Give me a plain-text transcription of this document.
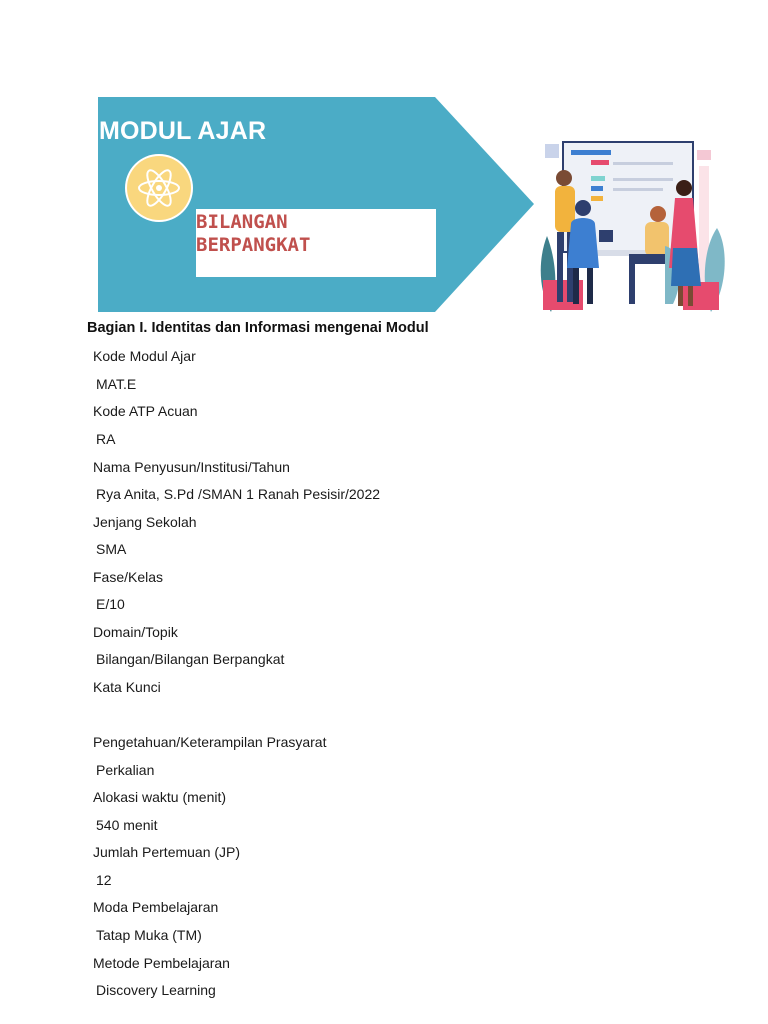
MODUL AJAR
BILANGAN
BERPANGKAT
Bagian I. Identitas dan Informasi mengenai Modul
Kode Modul Ajar
MAT.E
Kode ATP Acuan
RA
Nama Penyusun/Institusi/Tahun
Rya Anita, S.Pd /SMAN 1 Ranah Pesisir/2022
Jenjang Sekolah
SMA
Fase/Kelas
E/10
Domain/Topik
Bilangan/Bilangan Berpangkat
Kata Kunci
Pengetahuan/Keterampilan Prasyarat
Perkalian
Alokasi waktu (menit)
540 menit
Jumlah Pertemuan (JP)
12
Moda Pembelajaran
Tatap Muka (TM)
Metode Pembelajaran
Discovery Learning
